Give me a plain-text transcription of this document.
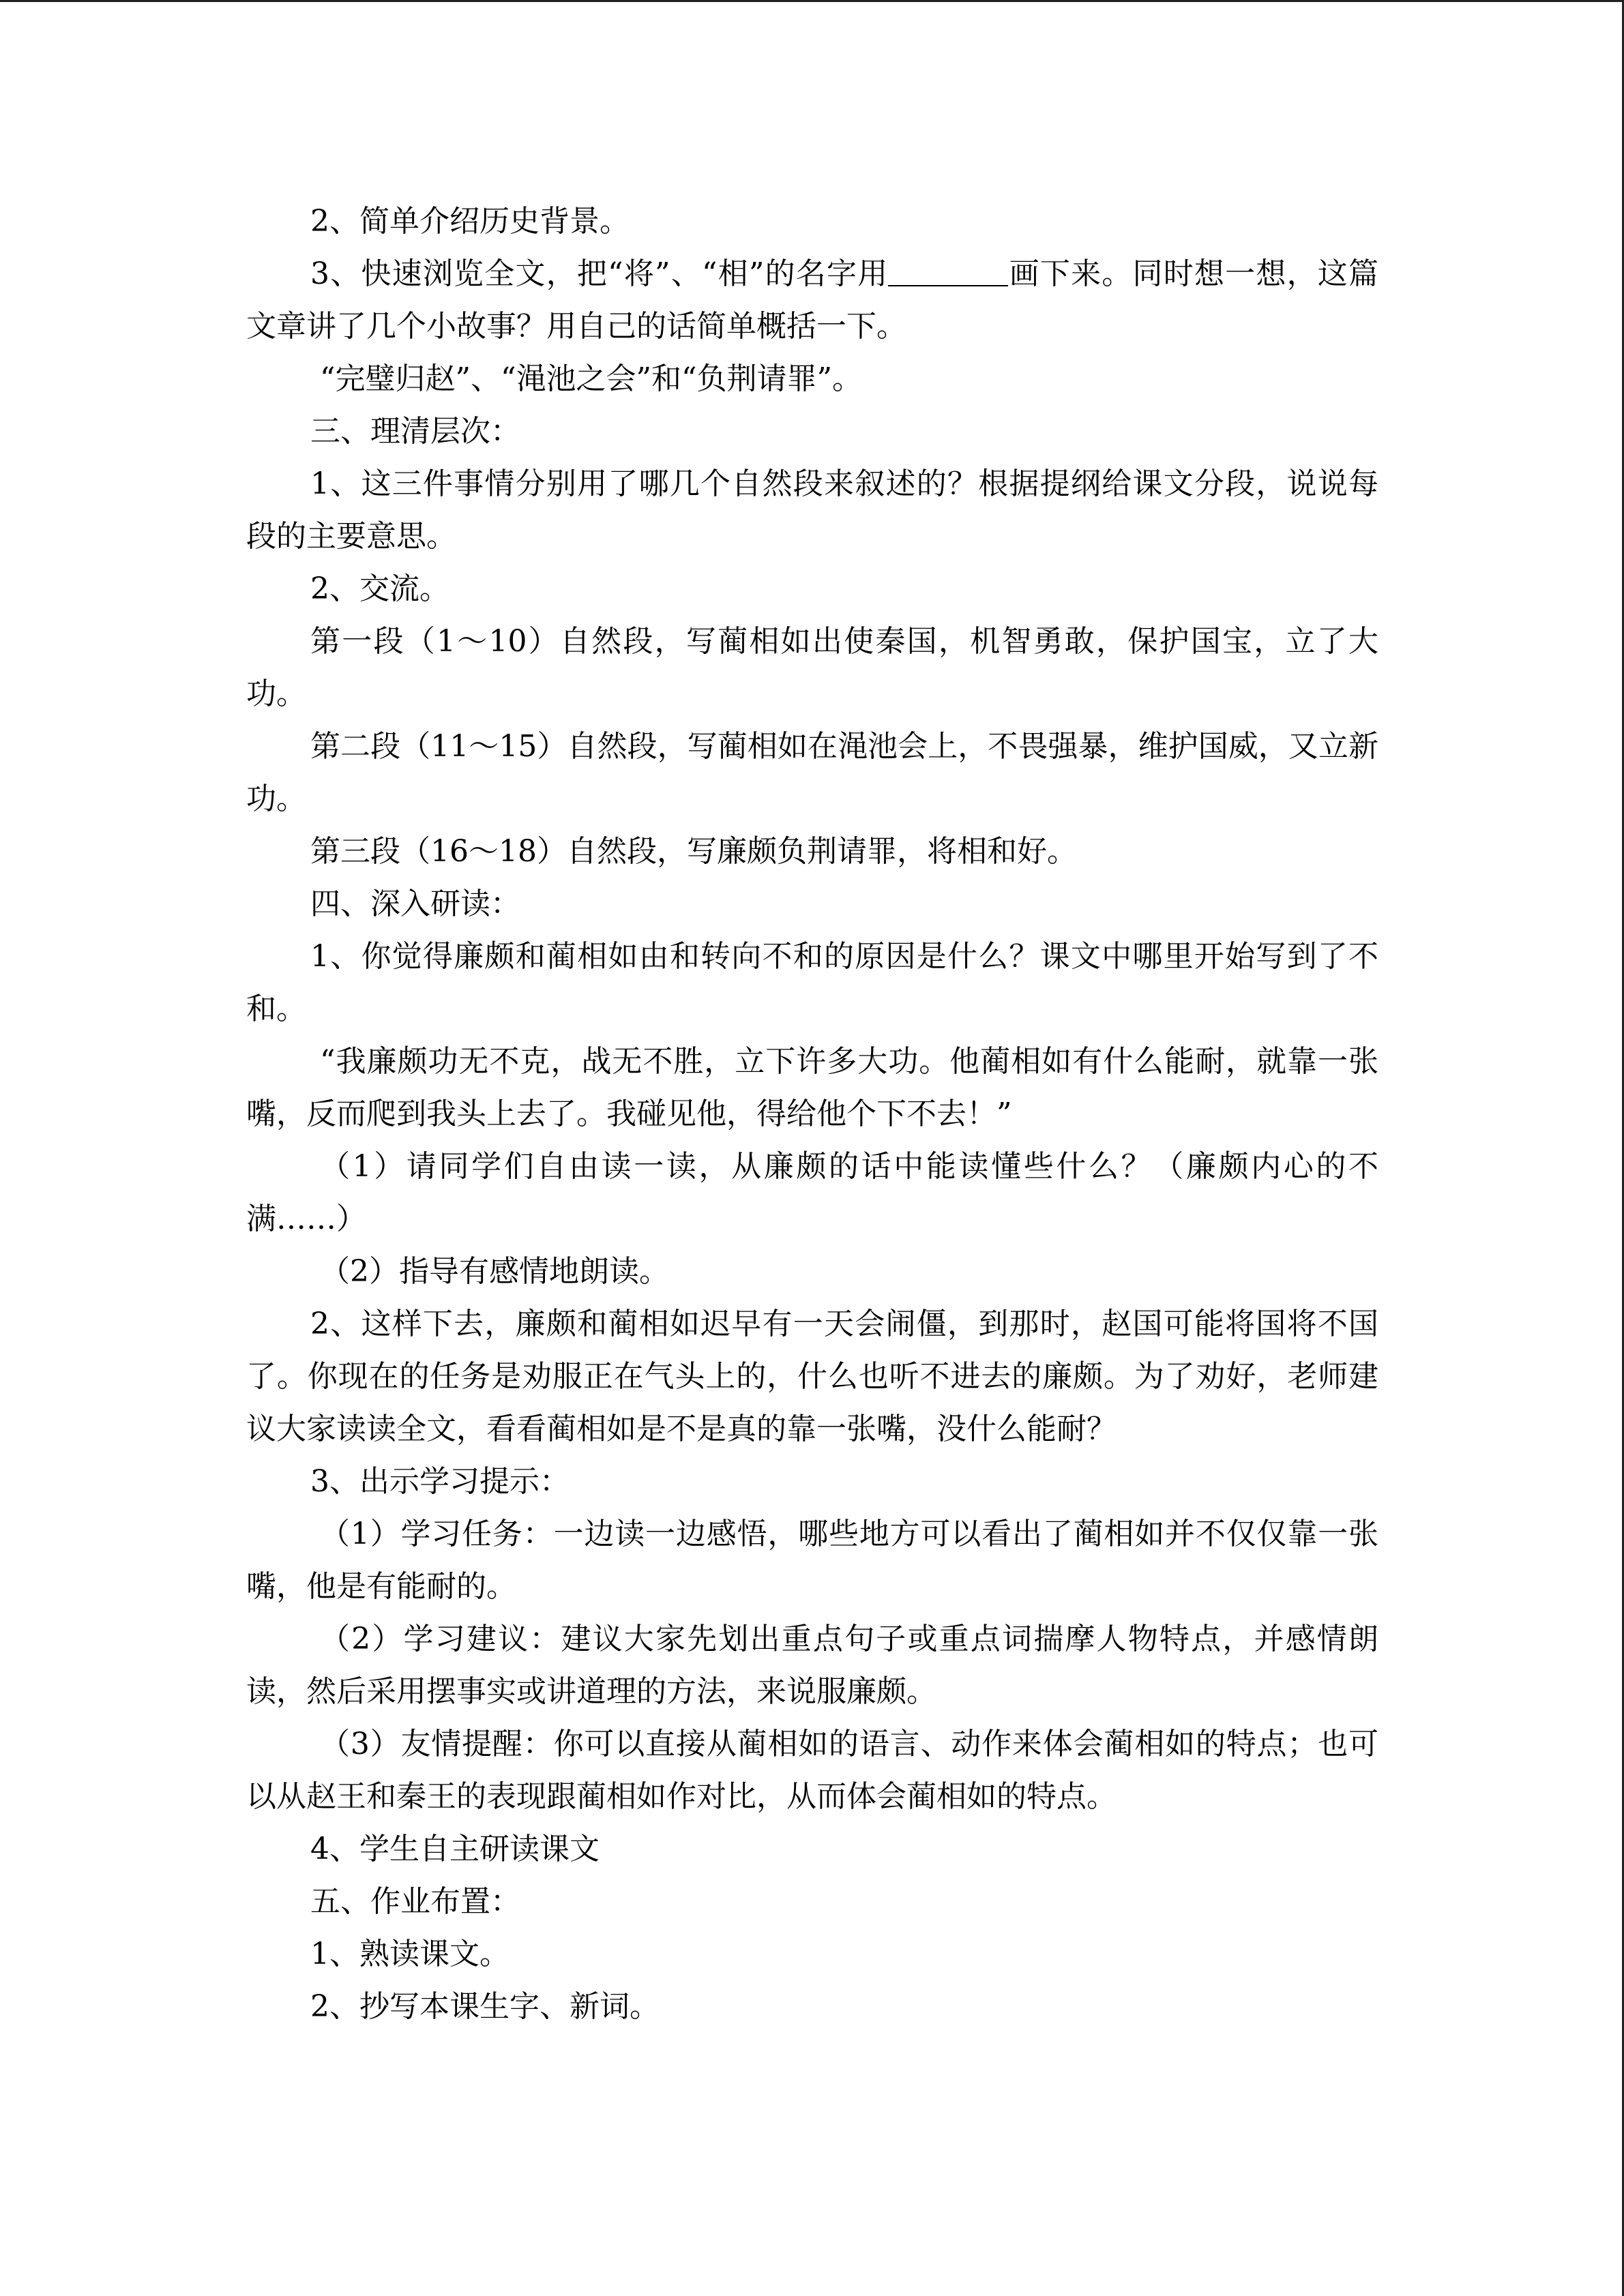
2、简单介绍历史背景。

3、快速浏览全文，把“将”、“相”的名字用	画下来。同时想一想，这篇文章讲了几个小故事？用自己的话简单概括一下。

“完璧归赵”、“渑池之会”和“负荆请罪”。

三、理清层次：

1、这三件事情分别用了哪几个自然段来叙述的？根据提纲给课文分段，说说每段的主要意思。

2、交流。

第一段（1～10）自然段，写蔺相如出使秦国，机智勇敢，保护国宝，立了大功。

第二段（11～15）自然段，写蔺相如在渑池会上，不畏强暴，维护国威，又立新功。

第三段（16～18）自然段，写廉颇负荆请罪，将相和好。

四、深入研读：

1、你觉得廉颇和蔺相如由和转向不和的原因是什么？课文中哪里开始写到了不和。

“我廉颇功无不克，战无不胜，立下许多大功。他蔺相如有什么能耐，就靠一张嘴，反而爬到我头上去了。我碰见他，得给他个下不去！”

（1）请同学们自由读一读，从廉颇的话中能读懂些什么？（廉颇内心的不满……）

（2）指导有感情地朗读。

2、这样下去，廉颇和蔺相如迟早有一天会闹僵，到那时，赵国可能将国将不国了。你现在的任务是劝服正在气头上的，什么也听不进去的廉颇。为了劝好，老师建议大家读读全文，看看蔺相如是不是真的靠一张嘴，没什么能耐？

3、出示学习提示：

（1）学习任务：一边读一边感悟，哪些地方可以看出了蔺相如并不仅仅靠一张嘴，他是有能耐的。

（2）学习建议：建议大家先划出重点句子或重点词揣摩人物特点，并感情朗读，然后采用摆事实或讲道理的方法，来说服廉颇。

（3）友情提醒：你可以直接从蔺相如的语言、动作来体会蔺相如的特点；也可以从赵王和秦王的表现跟蔺相如作对比，从而体会蔺相如的特点。

4、学生自主研读课文

五、作业布置：

1、熟读课文。

2、抄写本课生字、新词。
